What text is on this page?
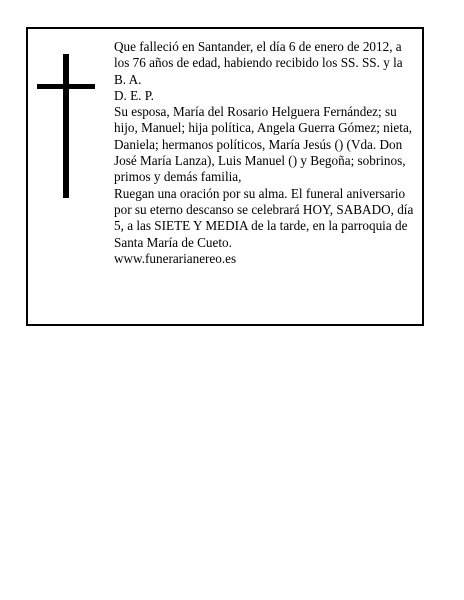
Que falleció en Santander, el día 6 de enero de 2012, a los 76 años de edad, habiendo recibido los SS. SS. y la B. A.

D. E. P.

Su esposa, María del Rosario Helguera Fernández; su hijo, Manuel; hija política, Angela Guerra Gómez; nieta, Daniela; hermanos políticos, María Jesús () (Vda. Don José María Lanza), Luis Manuel () y Begoña; sobrinos, primos y demás familia,

Ruegan una oración por su alma. El funeral aniversario por su eterno descanso se celebrará HOY, SABADO, día 5, a las SIETE Y MEDIA de la tarde, en la parroquia de Santa María de Cueto.

www.funerarianereo.es
